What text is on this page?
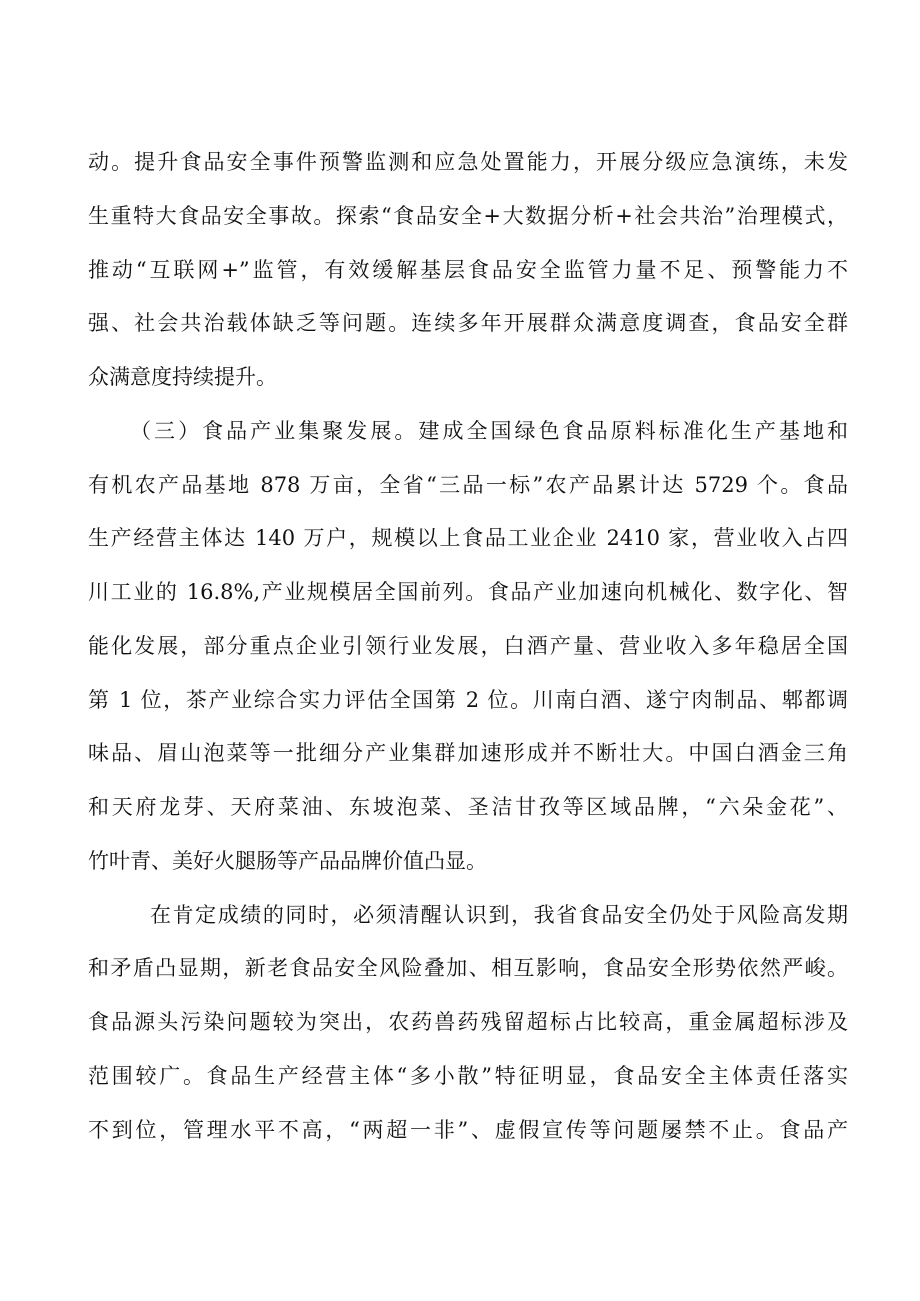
动。提升食品安全事件预警监测和应急处置能力，开展分级应急演练，未发
生重特大食品安全事故。探索“食品安全+大数据分析+社会共治”治理模式，
推动“互联网+”监管，有效缓解基层食品安全监管力量不足、预警能力不
强、社会共治载体缺乏等问题。连续多年开展群众满意度调查，食品安全群
众满意度持续提升。
（三）食品产业集聚发展。建成全国绿色食品原料标准化生产基地和
有机农产品基地 878 万亩，全省“三品一标”农产品累计达 5729 个。食品
生产经营主体达 140 万户，规模以上食品工业企业 2410 家，营业收入占四
川工业的 16.8%,产业规模居全国前列。食品产业加速向机械化、数字化、智
能化发展，部分重点企业引领行业发展，白酒产量、营业收入多年稳居全国
第 1 位，茶产业综合实力评估全国第 2 位。川南白酒、遂宁肉制品、郫都调
味品、眉山泡菜等一批细分产业集群加速形成并不断壮大。中国白酒金三角
和天府龙芽、天府菜油、东坡泡菜、圣洁甘孜等区域品牌，“六朵金花”、
竹叶青、美好火腿肠等产品品牌价值凸显。
在肯定成绩的同时，必须清醒认识到，我省食品安全仍处于风险高发期
和矛盾凸显期，新老食品安全风险叠加、相互影响，食品安全形势依然严峻。
食品源头污染问题较为突出，农药兽药残留超标占比较高，重金属超标涉及
范围较广。食品生产经营主体“多小散”特征明显，食品安全主体责任落实
不到位，管理水平不高，“两超一非”、虚假宣传等问题屡禁不止。食品产
